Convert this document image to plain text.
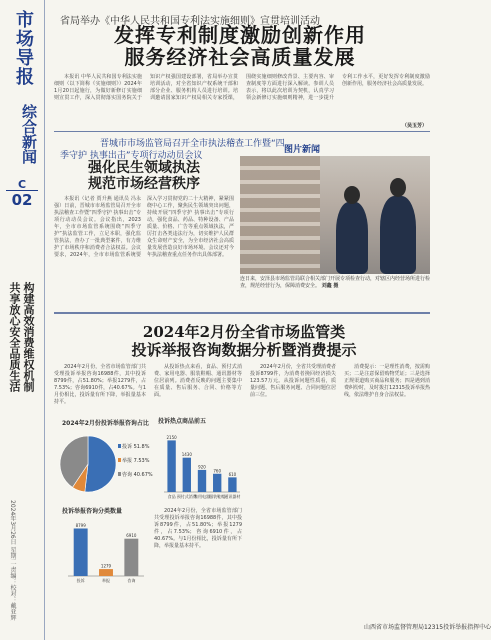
市场导报
综合新闻
C
02
构建高效消费维权机制 共享放心安全品质生活
2024年3月26日 星期二 责编：校对：戴亚辉
省局举办《中华人民共和国专利法实施细则》宣贯培训活动
发挥专利制度激励创新作用
服务经济社会高质量发展

本报讯 中华人民共和国专利法实施细则（以下简称《实施细则》）2024年1月20日起施行，为做好新修订实施细则宣贯工作，深入贯彻落实国务院关于知识产权强国建设部署，省局举办宣贯培训活动，对全省知识产权系统干部和部分企业、服务机构人员进行培训。培训邀请国家知识产权局相关专家授课，围绕实施细则修改背景、主要内容、审查制度等方面进行深入解读。参训人员表示，将以此次培训为契机，认真学习领会新修订实施细则精神，进一步提升专利工作水平，更好发挥专利制度激励创新作用，服务经济社会高质量发展。

（吴玉芳）
晋城市市场监管局召开全市执法稽查工作暨“四
季守护 执事出击”专项行动动员会议
强化民生领域执法
规范市场经营秩序

本报讯（记者 贾升燕 通讯员 冯永强）日前，晋城市市场监管局召开全市执法稽查工作暨“四季守护 执事出击”专项行动动员会议。会议指出，2023年，全市市场监管系统围绕“四季守护”执法监管工作，立足本职，强化监管执法，查办了一批典型案件，有力维护了市场秩序和消费者合法权益。会议要求，2024年，全市市场监管系统要深入学习贯彻党的二十大精神，紧紧围绕中心工作，聚焦民生领域突出问题，持续开展“四季守护 执事出击”专项行动，强化食品、药品、特种设备、产品质量、价格、广告等重点领域执法，严厉打击各类违法行为，切实维护人民群众生命财产安全，为全市经济社会高质量发展营造良好市场环境。会议还对今年执法稽查重点任务作出具体部署。

图片新闻
连日来，安泽县市场监管局联合相关部门开展专项检查行动，对辖区内经营场所进行检查，规范经营行为，保障消费安全。 刘鑫 摄
2024年2月份全省市场监管类
投诉举报咨询数据分析暨消费提示

2024年2月份，全省市场监管部门共受理投诉举报咨询16988件，其中投诉8799件，占51.80%；举报1279件，占7.53%；咨询6910件，占40.67%。与1月份相比，投诉量有所下降，举报量基本持平。

2024年2月份投诉举报咨询占比
投诉 51.8%
举报 7.53%
咨询 40.67%
投诉举报咨询分类数量
8799
投诉
1279
举报
6910
咨询

从投诉热点来看，食品、预付式消费、家用电器、服装鞋帽、通讯器材等位居前列。消费者反映的问题主要集中在质量、售后服务、合同、价格等方面。

投诉热点商品前五
2150
食品
1430
预付式消费
920
家用电器
760
服装鞋帽
610
通讯器材

2024年2月份，全省市场监管部门共受理投诉举报咨询16988件，其中投诉8799件，占51.80%；举报1279件，占7.53%；咨询6910件，占40.67%。与1月份相比，投诉量有所下降，举报量基本持平。

2024年2月份，全省共受理消费者投诉8799件，为消费者挽回经济损失123.57万元。从投诉问题性质看，质量问题、售后服务问题、合同问题位居前三位。

消费提示：一是理性消费，按需购买；二是注意保留购物凭证；三是选择正规渠道购买商品和服务；四是遇到消费纠纷时，及时拨打12315投诉举报热线，依法维护自身合法权益。

山西省市场监督管理局12315投诉举报指挥中心
